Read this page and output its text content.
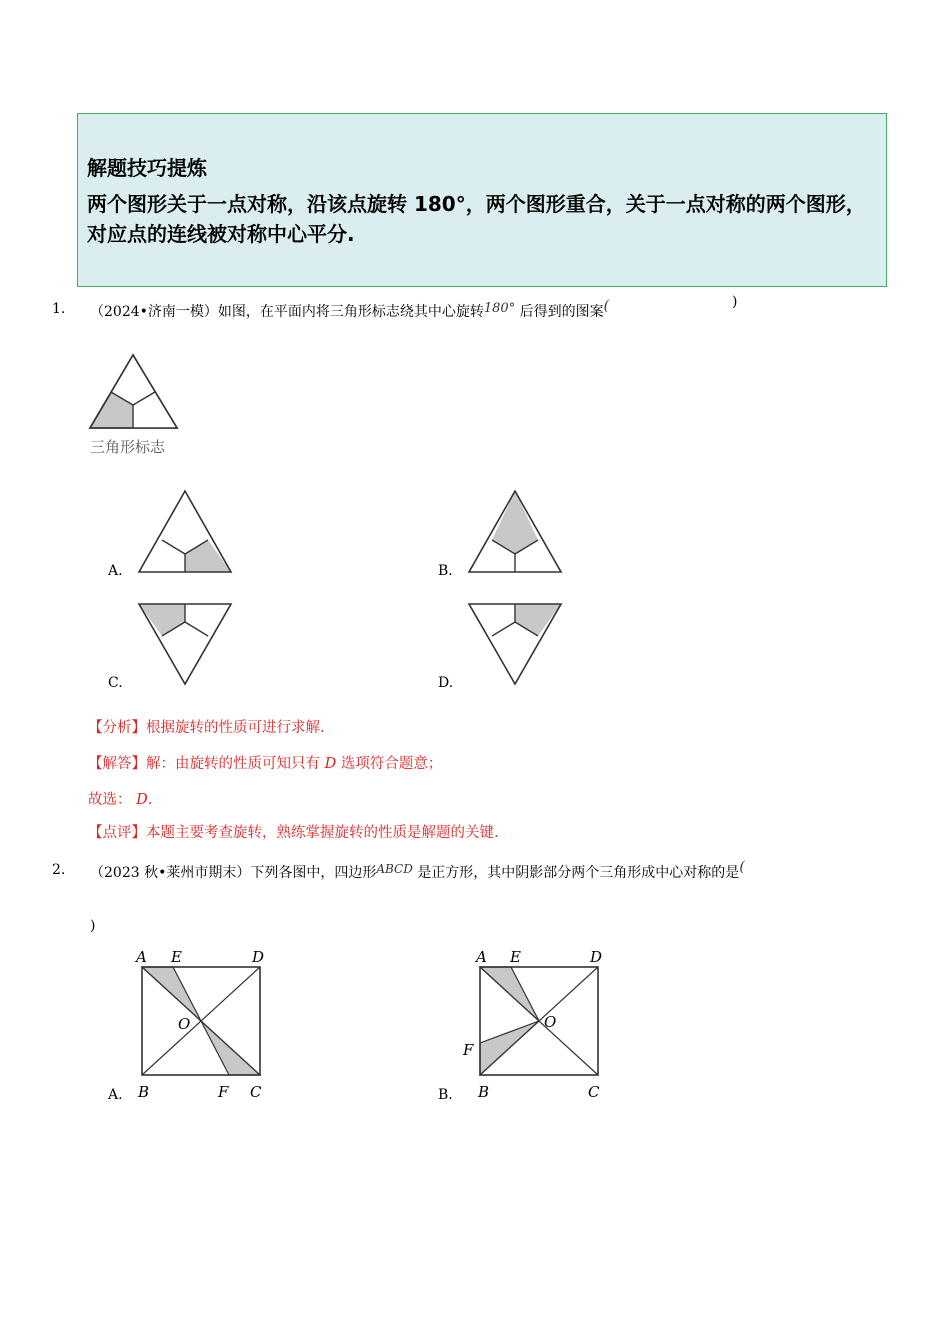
解题技巧提炼
两个图形关于一点对称，沿该点旋转 180°，两个图形重合，关于一点对称的两个图形，对应点的连线被对称中心平分.
1. （2024•济南一模）如图，在平面内将三角形标志绕其中心旋转180° 后得到的图案(	)
三角形标志
A.	B.
C.	D.
【分析】根据旋转的性质可进行求解.
【解答】解：由旋转的性质可知只有 D 选项符合题意；
故选： D.
【点评】本题主要考查旋转，熟练掌握旋转的性质是解题的关键.
2. （2023 秋•莱州市期末）下列各图中，四边形ABCD 是正方形，其中阴影部分两个三角形成中心对称的是(
)
A.
A E	D
O
B	F C	B.
A E	D
O
F
B	C
